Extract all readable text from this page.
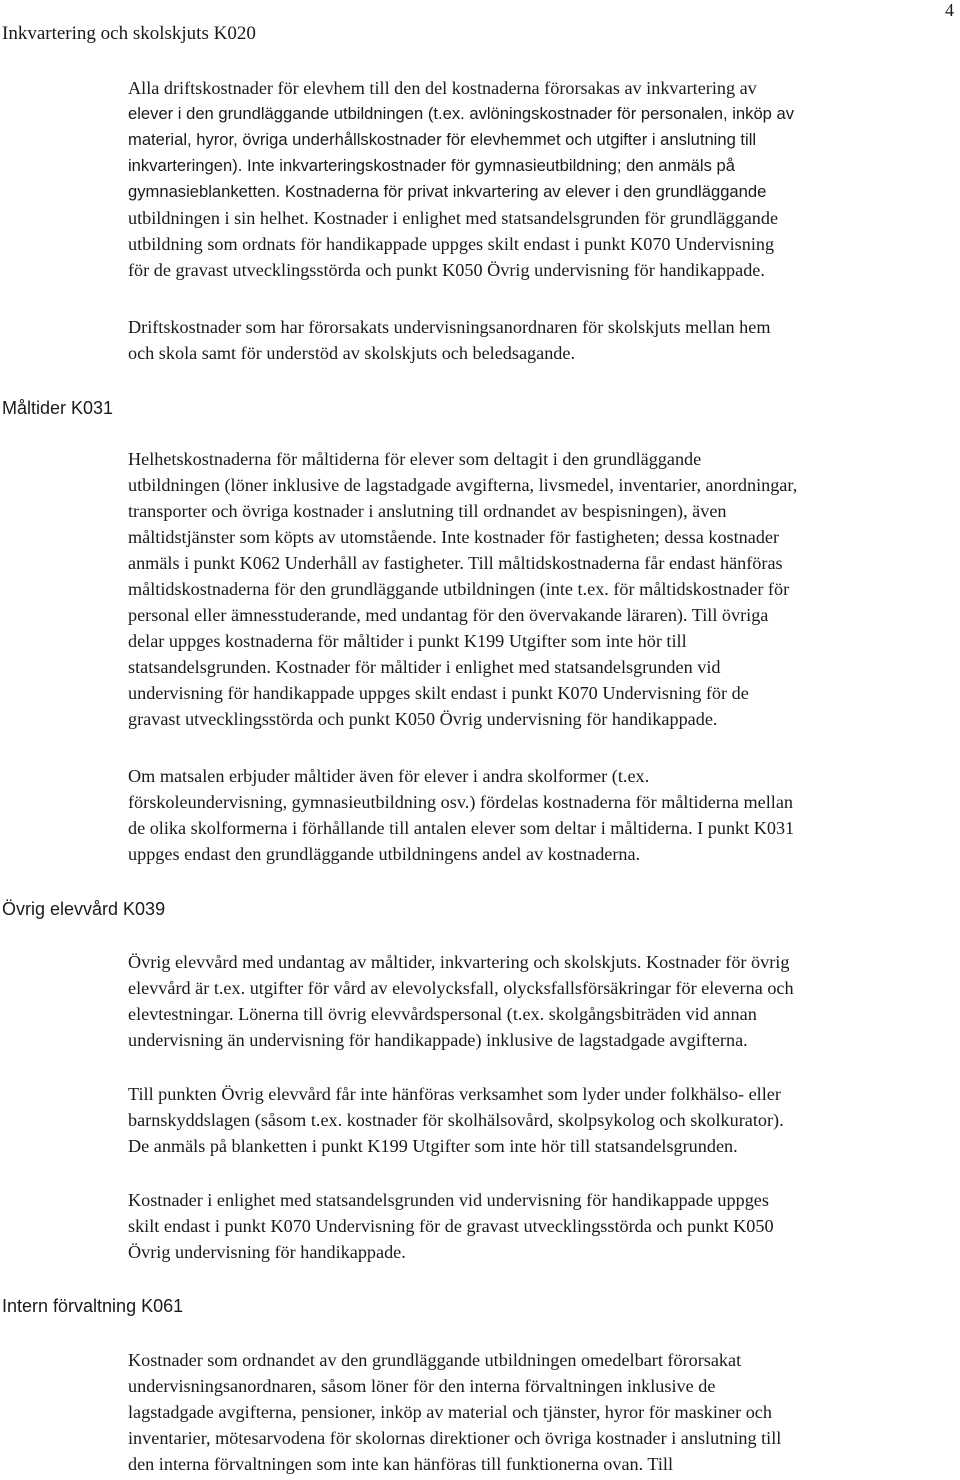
4
Inkvartering och skolskjuts K020

Alla driftskostnader för elevhem till den del kostnaderna förorsakas av inkvartering av
elever i den grundläggande utbildningen (t.ex. avlöningskostnader för personalen, inköp av
material, hyror, övriga underhållskostnader för elevhemmet och utgifter i anslutning till
inkvarteringen). Inte inkvarteringskostnader för gymnasieutbildning; den anmäls på
gymnasieblanketten. Kostnaderna för privat inkvartering av elever i den grundläggande
utbildningen i sin helhet. Kostnader i enlighet med statsandelsgrunden för grundläggande
utbildning som ordnats för handikappade uppges skilt endast i punkt K070 Undervisning
för de gravast utvecklingsstörda och punkt K050 Övrig undervisning för handikappade.

Driftskostnader som har förorsakats undervisningsanordnaren för skolskjuts mellan hem
och skola samt för understöd av skolskjuts och beledsagande.

Måltider K031

Helhetskostnaderna för måltiderna för elever som deltagit i den grundläggande
utbildningen (löner inklusive de lagstadgade avgifterna, livsmedel, inventarier, anordningar,
transporter och övriga kostnader i anslutning till ordnandet av bespisningen), även
måltidstjänster som köpts av utomstående. Inte kostnader för fastigheten; dessa kostnader
anmäls i punkt K062 Underhåll av fastigheter. Till måltidskostnaderna får endast hänföras
måltidskostnaderna för den grundläggande utbildningen (inte t.ex. för måltidskostnader för
personal eller ämnesstuderande, med undantag för den övervakande läraren). Till övriga
delar uppges kostnaderna för måltider i punkt K199 Utgifter som inte hör till
statsandelsgrunden. Kostnader för måltider i enlighet med statsandelsgrunden vid
undervisning för handikappade uppges skilt endast i punkt K070 Undervisning för de
gravast utvecklingsstörda och punkt K050 Övrig undervisning för handikappade.

Om matsalen erbjuder måltider även för elever i andra skolformer (t.ex.
förskoleundervisning, gymnasieutbildning osv.) fördelas kostnaderna för måltiderna mellan
de olika skolformerna i förhållande till antalen elever som deltar i måltiderna. I punkt K031
uppges endast den grundläggande utbildningens andel av kostnaderna.

Övrig elevvård K039

Övrig elevvård med undantag av måltider, inkvartering och skolskjuts. Kostnader för övrig
elevvård är t.ex. utgifter för vård av elevolycksfall, olycksfallsförsäkringar för eleverna och
elevtestningar. Lönerna till övrig elevvårdspersonal (t.ex. skolgångsbiträden vid annan
undervisning än undervisning för handikappade) inklusive de lagstadgade avgifterna.

Till punkten Övrig elevvård får inte hänföras verksamhet som lyder under folkhälso- eller
barnskyddslagen (såsom t.ex. kostnader för skolhälsovård, skolpsykolog och skolkurator).
De anmäls på blanketten i punkt K199 Utgifter som inte hör till statsandelsgrunden.

Kostnader i enlighet med statsandelsgrunden vid undervisning för handikappade uppges
skilt endast i punkt K070 Undervisning för de gravast utvecklingsstörda och punkt K050
Övrig undervisning för handikappade.

Intern förvaltning K061

Kostnader som ordnandet av den grundläggande utbildningen omedelbart förorsakat
undervisningsanordnaren, såsom löner för den interna förvaltningen inklusive de
lagstadgade avgifterna, pensioner, inköp av material och tjänster, hyror för maskiner och
inventarier, mötesarvodena för skolornas direktioner och övriga kostnader i anslutning till
den interna förvaltningen som inte kan hänföras till funktionerna ovan. Till
